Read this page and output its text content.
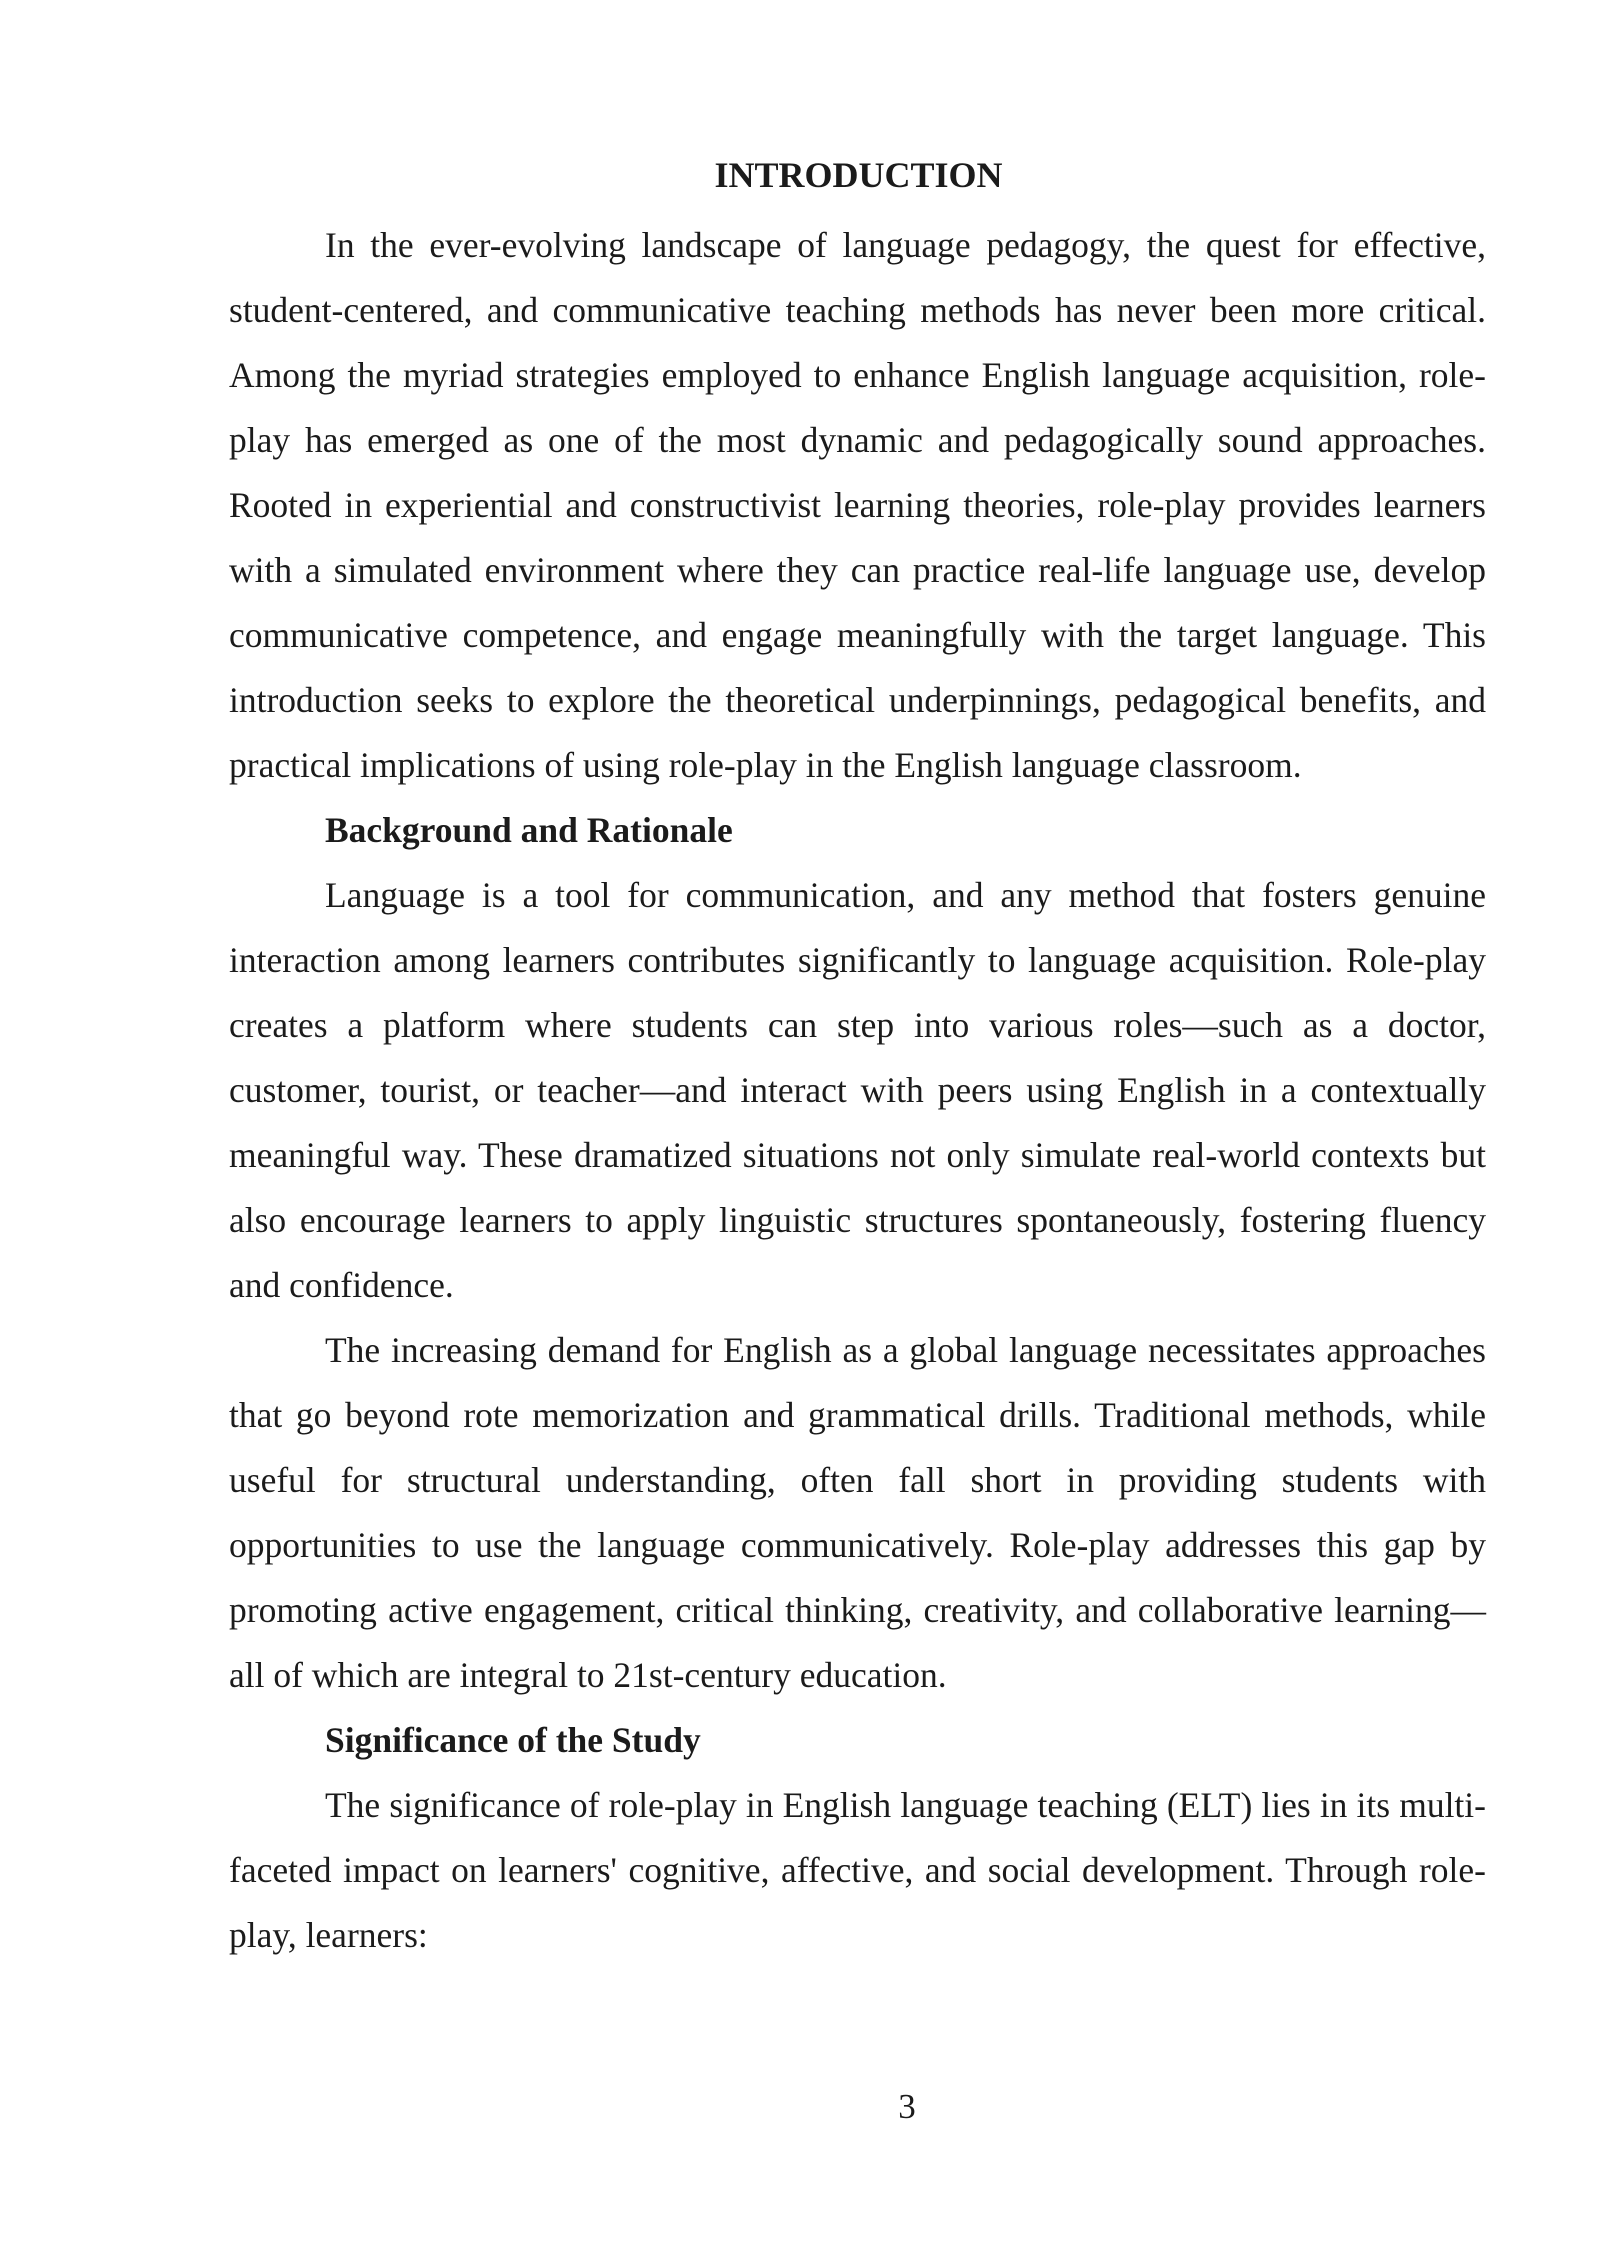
INTRODUCTION

In the ever-evolving landscape of language pedagogy, the quest for effective, student-centered, and communicative teaching methods has never been more critical. Among the myriad strategies employed to enhance English language acquisition, role-play has emerged as one of the most dynamic and pedagogically sound approaches. Rooted in experiential and constructivist learning theories, role-play provides learners with a simulated environment where they can practice real-life language use, develop communicative competence, and engage meaningfully with the target language. This introduction seeks to explore the theoretical underpinnings, pedagogical benefits, and practical implications of using role-play in the English language classroom.

Background and Rationale

Language is a tool for communication, and any method that fosters genuine interaction among learners contributes significantly to language acquisition. Role-play creates a platform where students can step into various roles—such as a doctor, customer, tourist, or teacher—and interact with peers using English in a contextually meaningful way. These dramatized situations not only simulate real-world contexts but also encourage learners to apply linguistic structures spontaneously, fostering fluency and confidence.

The increasing demand for English as a global language necessitates approaches that go beyond rote memorization and grammatical drills. Traditional methods, while useful for structural understanding, often fall short in providing students with opportunities to use the language communicatively. Role-play addresses this gap by promoting active engagement, critical thinking, creativity, and collaborative learning—all of which are integral to 21st-century education.

Significance of the Study

The significance of role-play in English language teaching (ELT) lies in its multi-faceted impact on learners' cognitive, affective, and social development. Through role-play, learners:

3
